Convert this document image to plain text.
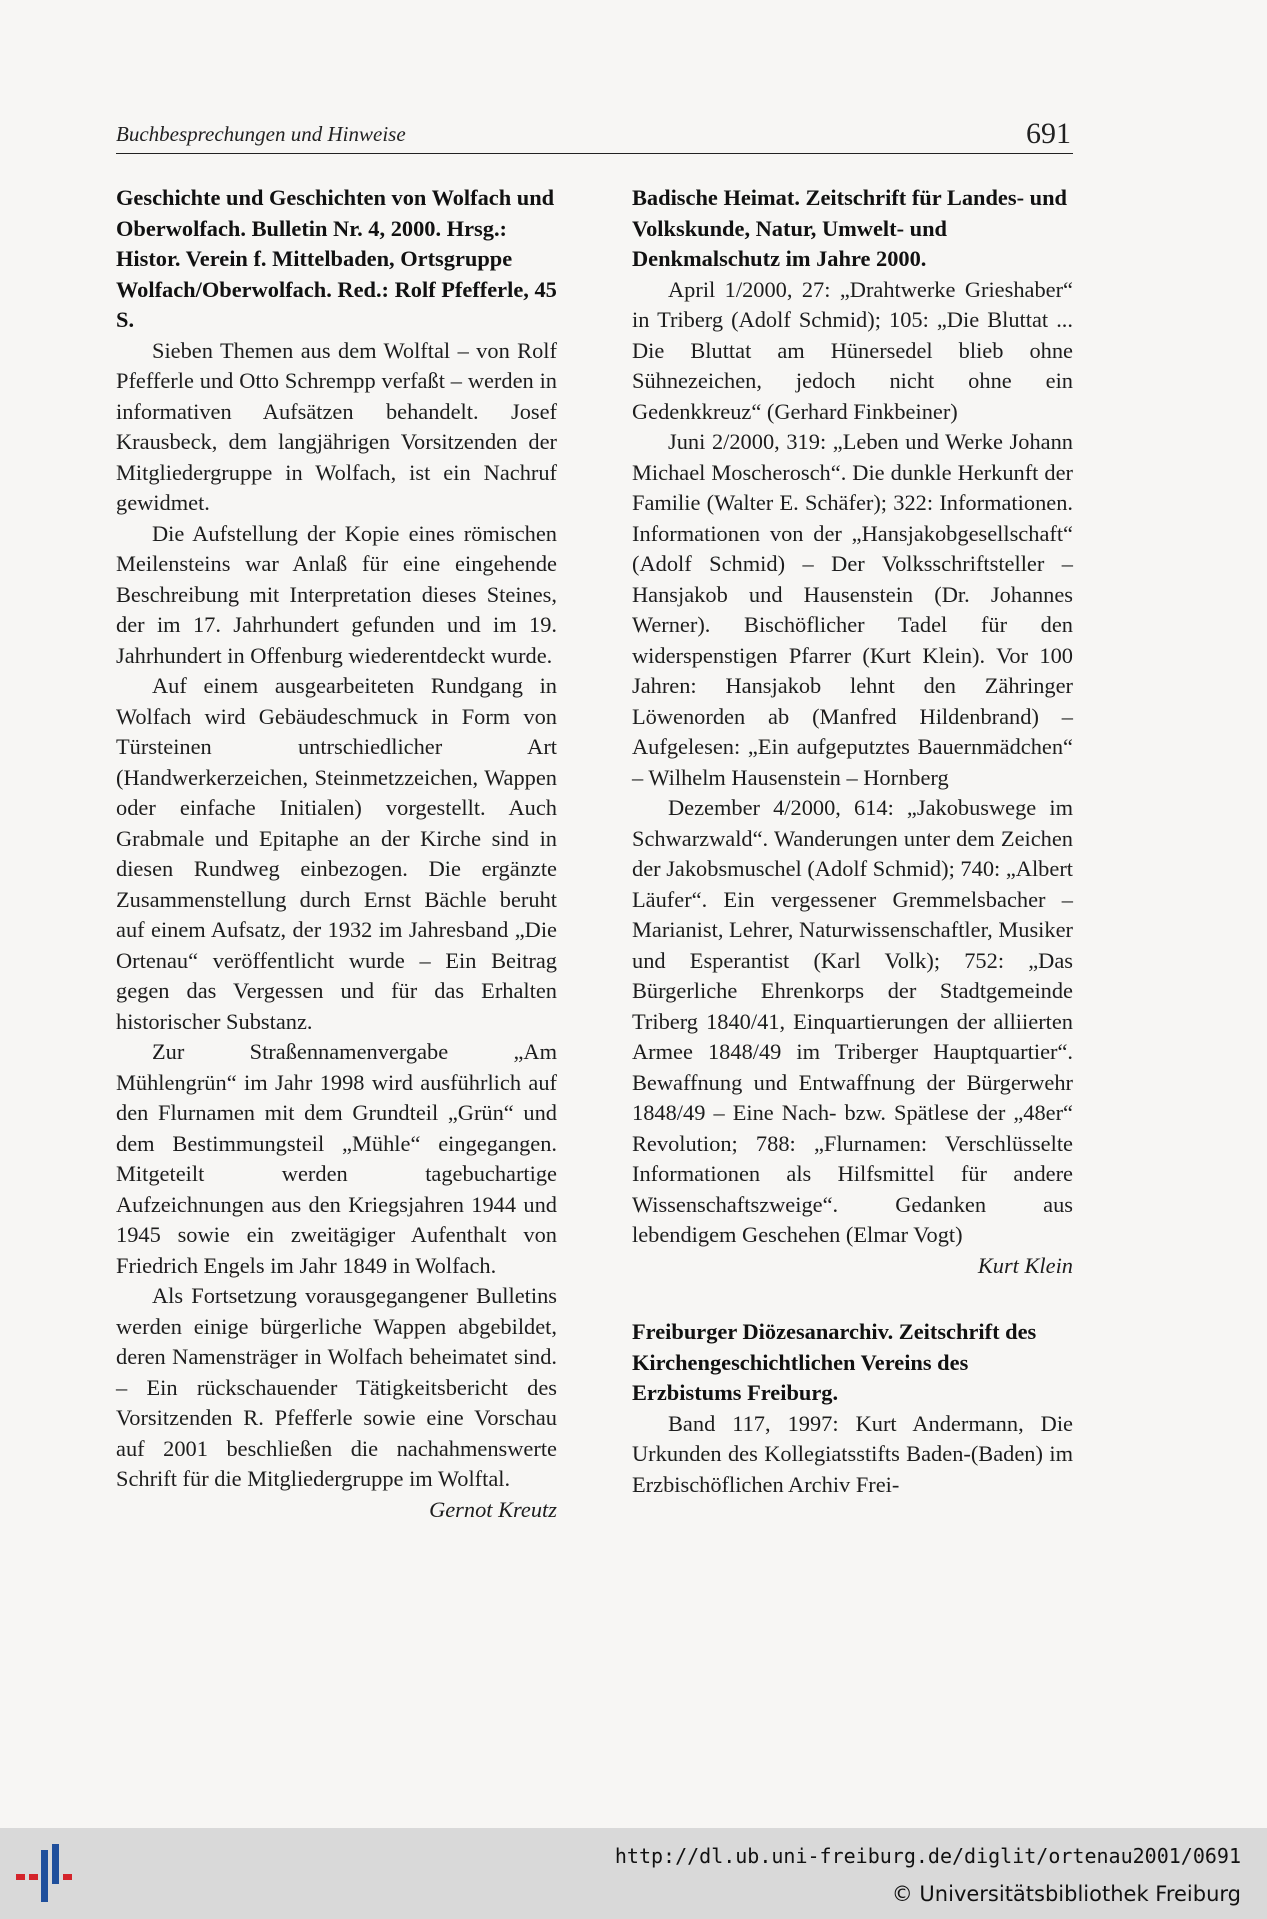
Buchbesprechungen und Hinweise	691
Geschichte und Geschichten von Wolfach und Oberwolfach. Bulletin Nr. 4, 2000. Hrsg.: Histor. Verein f. Mittelbaden, Ortsgruppe Wolfach/Oberwolfach. Red.: Rolf Pfefferle, 45 S.

Sieben Themen aus dem Wolftal – von Rolf Pfefferle und Otto Schrempp verfaßt – werden in informativen Aufsätzen behandelt. Josef Krausbeck, dem langjährigen Vorsitzenden der Mitgliedergruppe in Wolfach, ist ein Nachruf gewidmet.

Die Aufstellung der Kopie eines römischen Meilensteins war Anlaß für eine eingehende Beschreibung mit Interpretation dieses Steines, der im 17. Jahrhundert gefunden und im 19. Jahrhundert in Offenburg wiederentdeckt wurde.

Auf einem ausgearbeiteten Rundgang in Wolfach wird Gebäudeschmuck in Form von Türsteinen untrschiedlicher Art (Handwerkerzeichen, Steinmetzzeichen, Wappen oder einfache Initialen) vorgestellt. Auch Grabmale und Epitaphe an der Kirche sind in diesen Rundweg einbezogen. Die ergänzte Zusammenstellung durch Ernst Bächle beruht auf einem Aufsatz, der 1932 im Jahresband „Die Ortenau“ veröffentlicht wurde – Ein Beitrag gegen das Vergessen und für das Erhalten historischer Substanz.

Zur Straßennamenvergabe „Am Mühlengrün“ im Jahr 1998 wird ausführlich auf den Flurnamen mit dem Grundteil „Grün“ und dem Bestimmungsteil „Mühle“ eingegangen. Mitgeteilt werden tagebuchartige Aufzeichnungen aus den Kriegsjahren 1944 und 1945 sowie ein zweitägiger Aufenthalt von Friedrich Engels im Jahr 1849 in Wolfach.

Als Fortsetzung vorausgegangener Bulletins werden einige bürgerliche Wappen abgebildet, deren Namensträger in Wolfach beheimatet sind. – Ein rückschauender Tätigkeitsbericht des Vorsitzenden R. Pfefferle sowie eine Vorschau auf 2001 beschließen die nachahmenswerte Schrift für die Mitgliedergruppe im Wolftal.

Gernot Kreutz
Badische Heimat. Zeitschrift für Landes- und Volkskunde, Natur, Umwelt- und Denkmalschutz im Jahre 2000.

April 1/2000, 27: „Drahtwerke Grieshaber“ in Triberg (Adolf Schmid); 105: „Die Bluttat ... Die Bluttat am Hünersedel blieb ohne Sühnezeichen, jedoch nicht ohne ein Gedenkkreuz“ (Gerhard Finkbeiner)

Juni 2/2000, 319: „Leben und Werke Johann Michael Moscherosch“. Die dunkle Herkunft der Familie (Walter E. Schäfer); 322: Informationen. Informationen von der „Hansjakobgesellschaft“ (Adolf Schmid) – Der Volksschriftsteller – Hansjakob und Hausenstein (Dr. Johannes Werner). Bischöflicher Tadel für den widerspenstigen Pfarrer (Kurt Klein). Vor 100 Jahren: Hansjakob lehnt den Zähringer Löwenorden ab (Manfred Hildenbrand) – Aufgelesen: „Ein aufgeputztes Bauernmädchen“ – Wilhelm Hausenstein – Hornberg

Dezember 4/2000, 614: „Jakobuswege im Schwarzwald“. Wanderungen unter dem Zeichen der Jakobsmuschel (Adolf Schmid); 740: „Albert Läufer“. Ein vergessener Gremmelsbacher – Marianist, Lehrer, Naturwissenschaftler, Musiker und Esperantist (Karl Volk); 752: „Das Bürgerliche Ehrenkorps der Stadtgemeinde Triberg 1840/41, Einquartierungen der alliierten Armee 1848/49 im Triberger Hauptquartier“. Bewaffnung und Entwaffnung der Bürgerwehr 1848/49 – Eine Nach- bzw. Spätlese der „48er“ Revolution; 788: „Flurnamen: Verschlüsselte Informationen als Hilfsmittel für andere Wissenschaftszweige“. Gedanken aus lebendigem Geschehen (Elmar Vogt)

Kurt Klein
Freiburger Diözesanarchiv. Zeitschrift des Kirchengeschichtlichen Vereins des Erzbistums Freiburg.

Band 117, 1997: Kurt Andermann, Die Urkunden des Kollegiatsstifts Baden-(Baden) im Erzbischöflichen Archiv Frei-

http://dl.ub.uni-freiburg.de/diglit/ortenau2001/0691
© Universitätsbibliothek Freiburg
